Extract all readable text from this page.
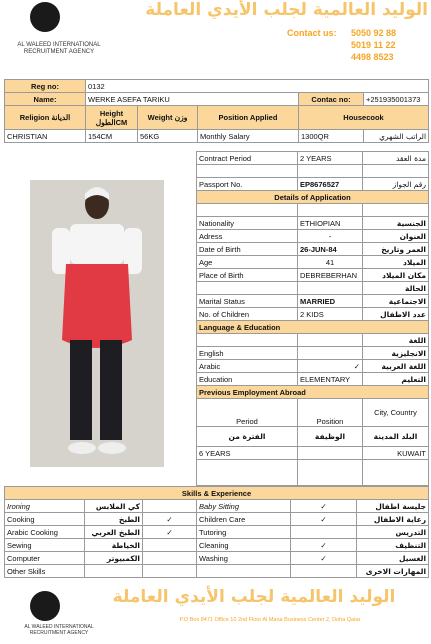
AL WALEED INTERNATIONAL
RECRUITMENT AGENCY
الوليد العالمية لجلب الأيدي العاملة
Contact us: 5050 92 88
5019 11 22
4498 8523
Reg no:	0132				
Name:	WERKE ASEFA TARIKU			Contac no:	+251935001373
Religion الديانة	Height الطولCM	Weight وزن	Position Applied	Housecook	
CHRISTIAN	154CM	56KG	Monthly Salary	1300QR	الراتب الشهري
Contract Period	2 YEARS	مدة العقد

Passport No.	EP8676527	رقم الجواز
Details of Application		

Nationality	ETHIOPIAN	الجنسية
Adress	-	العنوان
Date of Birth	26-JUN-84	العمر وتاريخ
Age	41	الميلاد
Place of Birth	DEBREBERHAN	مكان الميلاد
		الحالة
Marital Status	MARRIED	الاجتماعية
No. of Children	2 KIDS	عدد الاطفال
Language & Education		
		اللغة
English		الانجليزية
Arabic	✓	اللغة العربية
Education	ELEMENTARY	التعليم
Previous Employment Abroad		
Period	Position	City, Country
الفترة من	الوظيفة	البلد المدينة
6 YEARS		KUWAIT

Skills & Experience					
Ironing	كي الملابس		Baby Sitting	✓	جليسة اطفال
Cooking	الطبخ	✓	Children Care	✓	رعاية الاطفال
Arabic Cooking	الطبخ العربي	✓	Tutoring		التدريس
Sewing	الخياطة		Cleaning	✓	التنظيف
Computer	الكمبيوتر		Washing	✓	الغسيل
Other Skills					المهارات الاخرى
AL WALEED INTERNATIONAL
RECRUITMENT AGENCY
الوليد العالمية لجلب الأيدي العاملة
P.O Box 8471 Office 10 2nd Floor Al Mana Business Center 2, Doha Qatar
